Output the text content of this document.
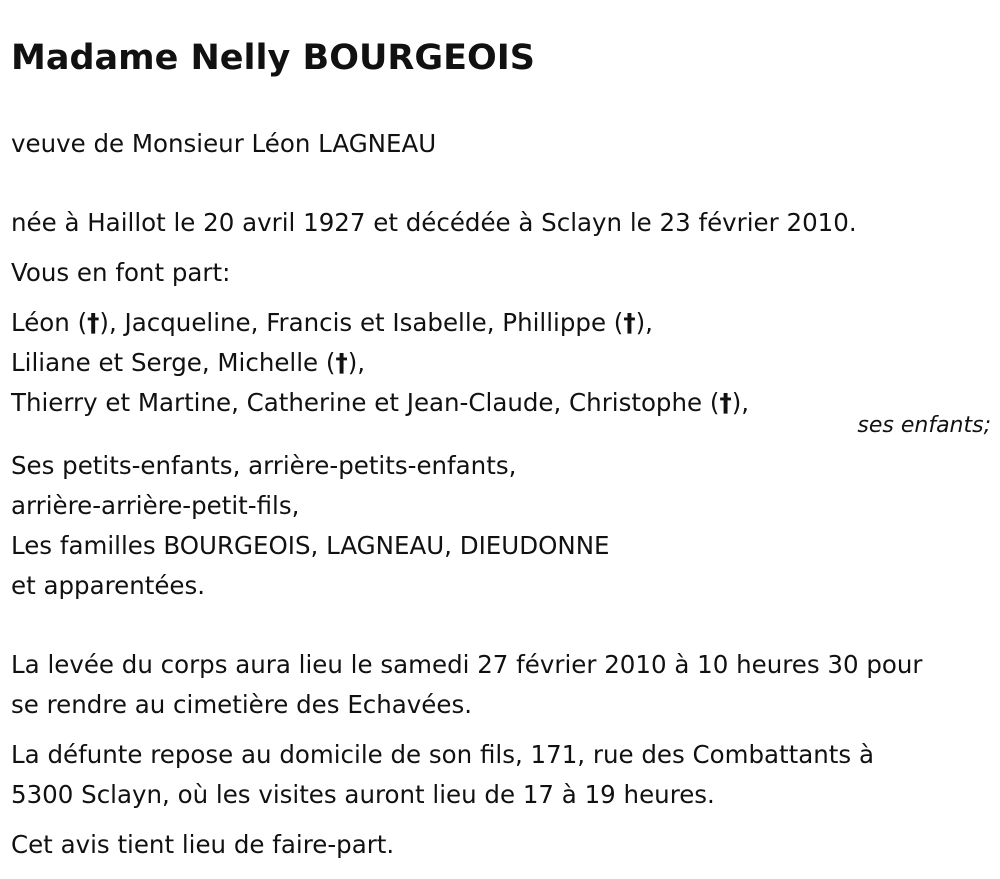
Madame Nelly BOURGEOIS

veuve de Monsieur Léon LAGNEAU

née à Haillot le 20 avril 1927 et décédée à Sclayn le 23 février 2010.

Vous en font part:

Léon (†), Jacqueline, Francis et Isabelle, Phillippe (†),

Liliane et Serge, Michelle (†),

Thierry et Martine, Catherine et Jean-Claude, Christophe (†),

ses enfants;

Ses petits-enfants, arrière-petits-enfants,

arrière-arrière-petit-fils,

Les familles BOURGEOIS, LAGNEAU, DIEUDONNE

et apparentées.

La levée du corps aura lieu le samedi 27 février 2010 à 10 heures 30 pour

se rendre au cimetière des Echavées.

La défunte repose au domicile de son fils, 171, rue des Combattants à

5300 Sclayn, où les visites auront lieu de 17 à 19 heures.

Cet avis tient lieu de faire-part.
